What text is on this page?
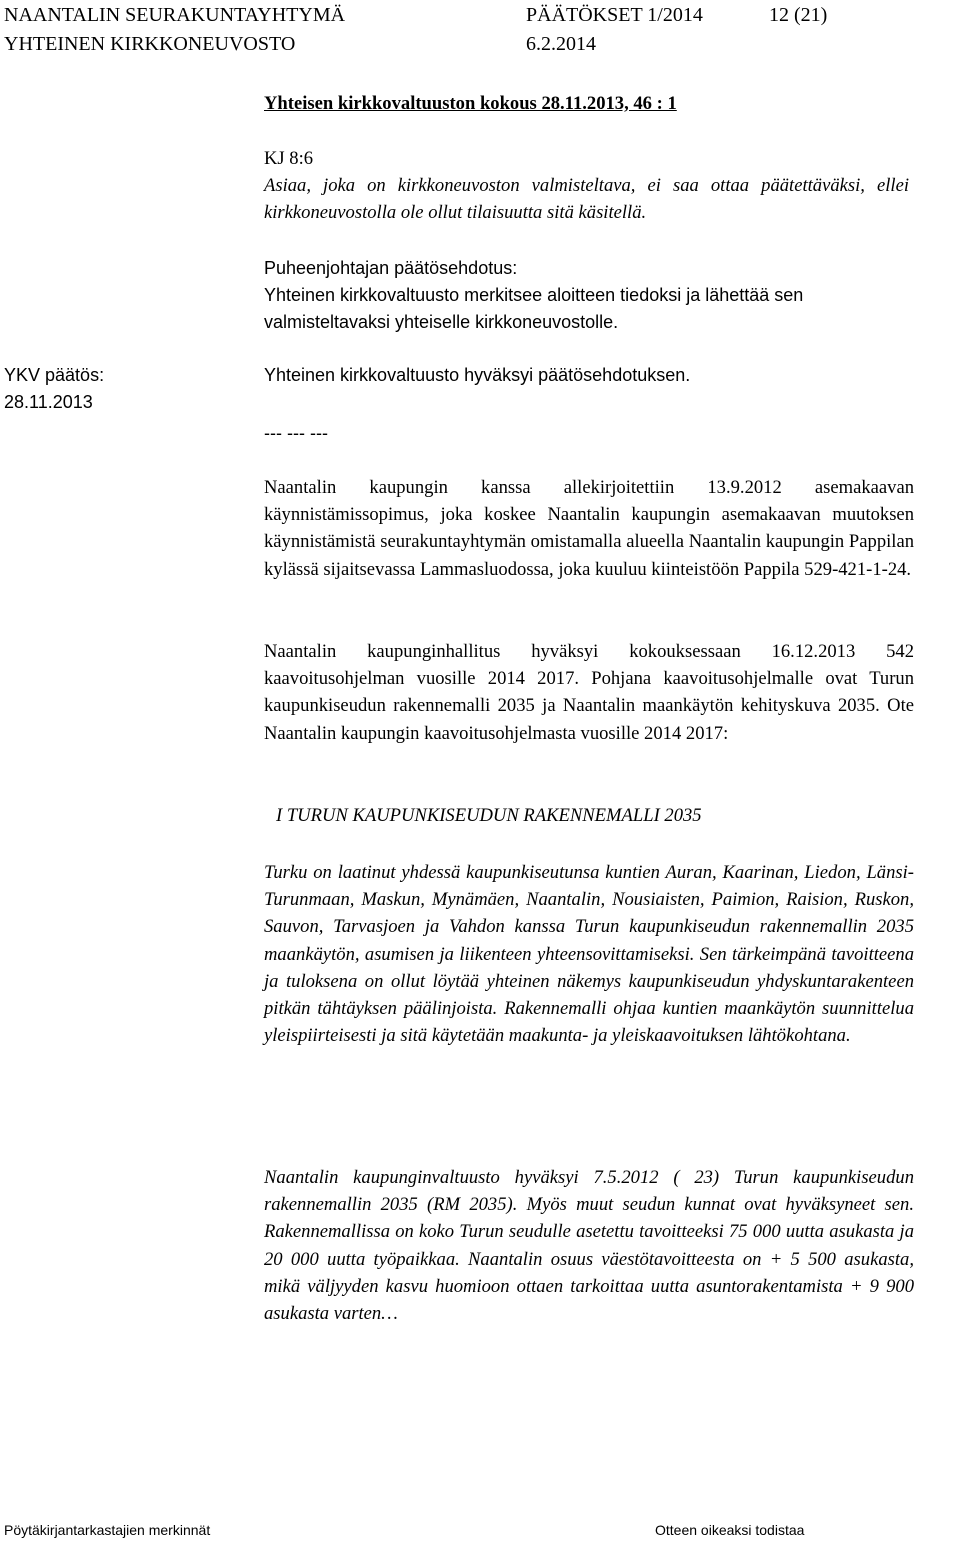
NAANTALIN SEURAKUNTAYHTYMÄ
YHTEINEN KIRKKONEUVOSTO
PÄÄTÖKSET 1/2014
6.2.2014
12 (21)
Yhteisen kirkkovaltuuston kokous 28.11.2013, 46 : 1
KJ 8:6
Asiaa, joka on kirkkoneuvoston valmisteltava, ei saa ottaa päätettäväksi, ellei kirkkoneuvostolla ole ollut tilaisuutta sitä käsitellä.
Puheenjohtajan päätösehdotus:
Yhteinen kirkkovaltuusto merkitsee aloitteen tiedoksi ja lähettää sen valmisteltavaksi yhteiselle kirkkoneuvostolle.
YKV päätös:
28.11.2013
Yhteinen kirkkovaltuusto hyväksyi päätösehdotuksen.
--- --- ---
Naantalin kaupungin kanssa allekirjoitettiin 13.9.2012 asemakaavan käynnistämissopimus, joka koskee Naantalin kaupungin asemakaavan muutoksen käynnistämistä seurakuntayhtymän omistamalla alueella Naantalin kaupungin Pappilan kylässä sijaitsevassa Lammasluodossa, joka kuuluu kiinteistöön Pappila 529-421-1-24.
Naantalin kaupunginhallitus hyväksyi kokouksessaan 16.12.2013 542 kaavoitusohjelman vuosille 2014 2017. Pohjana kaavoitusohjelmalle ovat Turun kaupunkiseudun rakennemalli 2035 ja Naantalin maankäytön kehityskuva 2035. Ote Naantalin kaupungin kaavoitusohjelmasta vuosille 2014 2017:
I TURUN KAUPUNKISEUDUN RAKENNEMALLI 2035
Turku on laatinut yhdessä kaupunkiseutunsa kuntien Auran, Kaarinan, Liedon, Länsi-Turunmaan, Maskun, Mynämäen, Naantalin, Nousiaisten, Paimion, Raision, Ruskon, Sauvon, Tarvasjoen ja Vahdon kanssa Turun kaupunkiseudun rakennemallin 2035 maankäytön, asumisen ja liikenteen yhteensovittamiseksi. Sen tärkeimpänä tavoitteena ja tuloksena on ollut löytää yhteinen näkemys kaupunkiseudun yhdyskuntarakenteen pitkän tähtäyksen päälinjoista. Rakennemalli ohjaa kuntien maankäytön suunnittelua yleispiirteisesti ja sitä käytetään maakunta- ja yleiskaavoituksen lähtökohtana.
Naantalin kaupunginvaltuusto hyväksyi 7.5.2012 ( 23) Turun kaupunkiseudun rakennemallin 2035 (RM 2035). Myös muut seudun kunnat ovat hyväksyneet sen. Rakennemallissa on koko Turun seudulle asetettu tavoitteeksi 75 000 uutta asukasta ja 20 000 uutta työpaikkaa. Naantalin osuus väestötavoitteesta on + 5 500 asukasta, mikä väljyyden kasvu huomioon ottaen tarkoittaa uutta asuntorakentamista + 9 900 asukasta varten…
Pöytäkirjantarkastajien merkinnät	Otteen oikeaksi todistaa
